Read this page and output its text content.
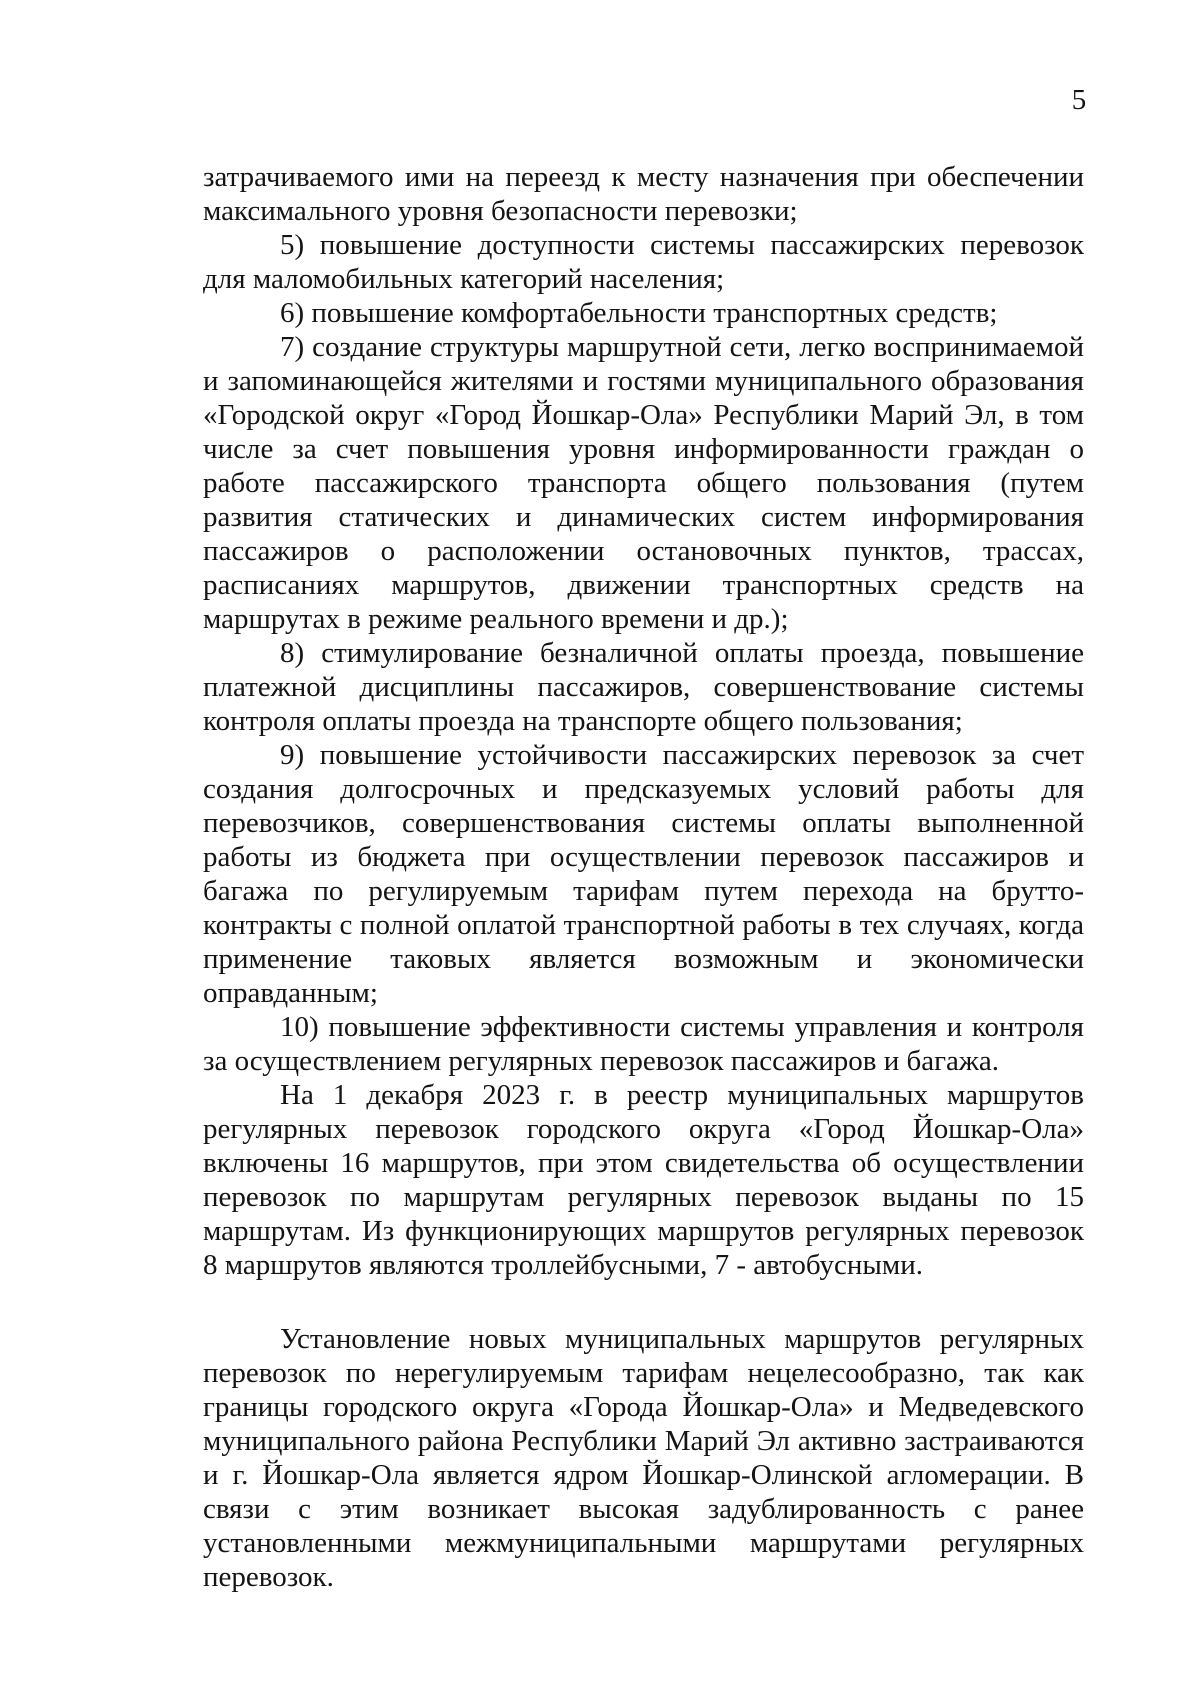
5

затрачиваемого ими на переезд к месту назначения при обеспечении максимального уровня безопасности перевозки;

5) повышение доступности системы пассажирских перевозок для маломобильных категорий населения;

6) повышение комфортабельности транспортных средств;

7) создание структуры маршрутной сети, легко воспринимаемой и запоминающейся жителями и гостями муниципального образования «Городской округ «Город Йошкар-Ола» Республики Марий Эл, в том числе за счет повышения уровня информированности граждан о работе пассажирского транспорта общего пользования (путем развития статических и динамических систем информирования пассажиров о расположении остановочных пунктов, трассах, расписаниях маршрутов, движении транспортных средств на маршрутах в режиме реального времени и др.);

8) стимулирование безналичной оплаты проезда, повышение платежной дисциплины пассажиров, совершенствование системы контроля оплаты проезда на транспорте общего пользования;

9) повышение устойчивости пассажирских перевозок за счет создания долгосрочных и предсказуемых условий работы для перевозчиков, совершенствования системы оплаты выполненной работы из бюджета при осуществлении перевозок пассажиров и багажа по регулируемым тарифам путем перехода на брутто-контракты с полной оплатой транспортной работы в тех случаях, когда применение таковых является возможным и экономически оправданным;

10) повышение эффективности системы управления и контроля за осуществлением регулярных перевозок пассажиров и багажа.

На 1 декабря 2023 г. в реестр муниципальных маршрутов регулярных перевозок городского округа «Город Йошкар-Ола» включены 16 маршрутов, при этом свидетельства об осуществлении перевозок по маршрутам регулярных перевозок выданы по 15 маршрутам. Из функционирующих маршрутов регулярных перевозок 8 маршрутов являются троллейбусными, 7 - автобусными.

Установление новых муниципальных маршрутов регулярных перевозок по нерегулируемым тарифам нецелесообразно, так как границы городского округа «Города Йошкар-Ола» и Медведевского муниципального района Республики Марий Эл активно застраиваются и г. Йошкар-Ола является ядром Йошкар-Олинской агломерации. В связи с этим возникает высокая задублированность с ранее установленными межмуниципальными маршрутами регулярных перевозок.
